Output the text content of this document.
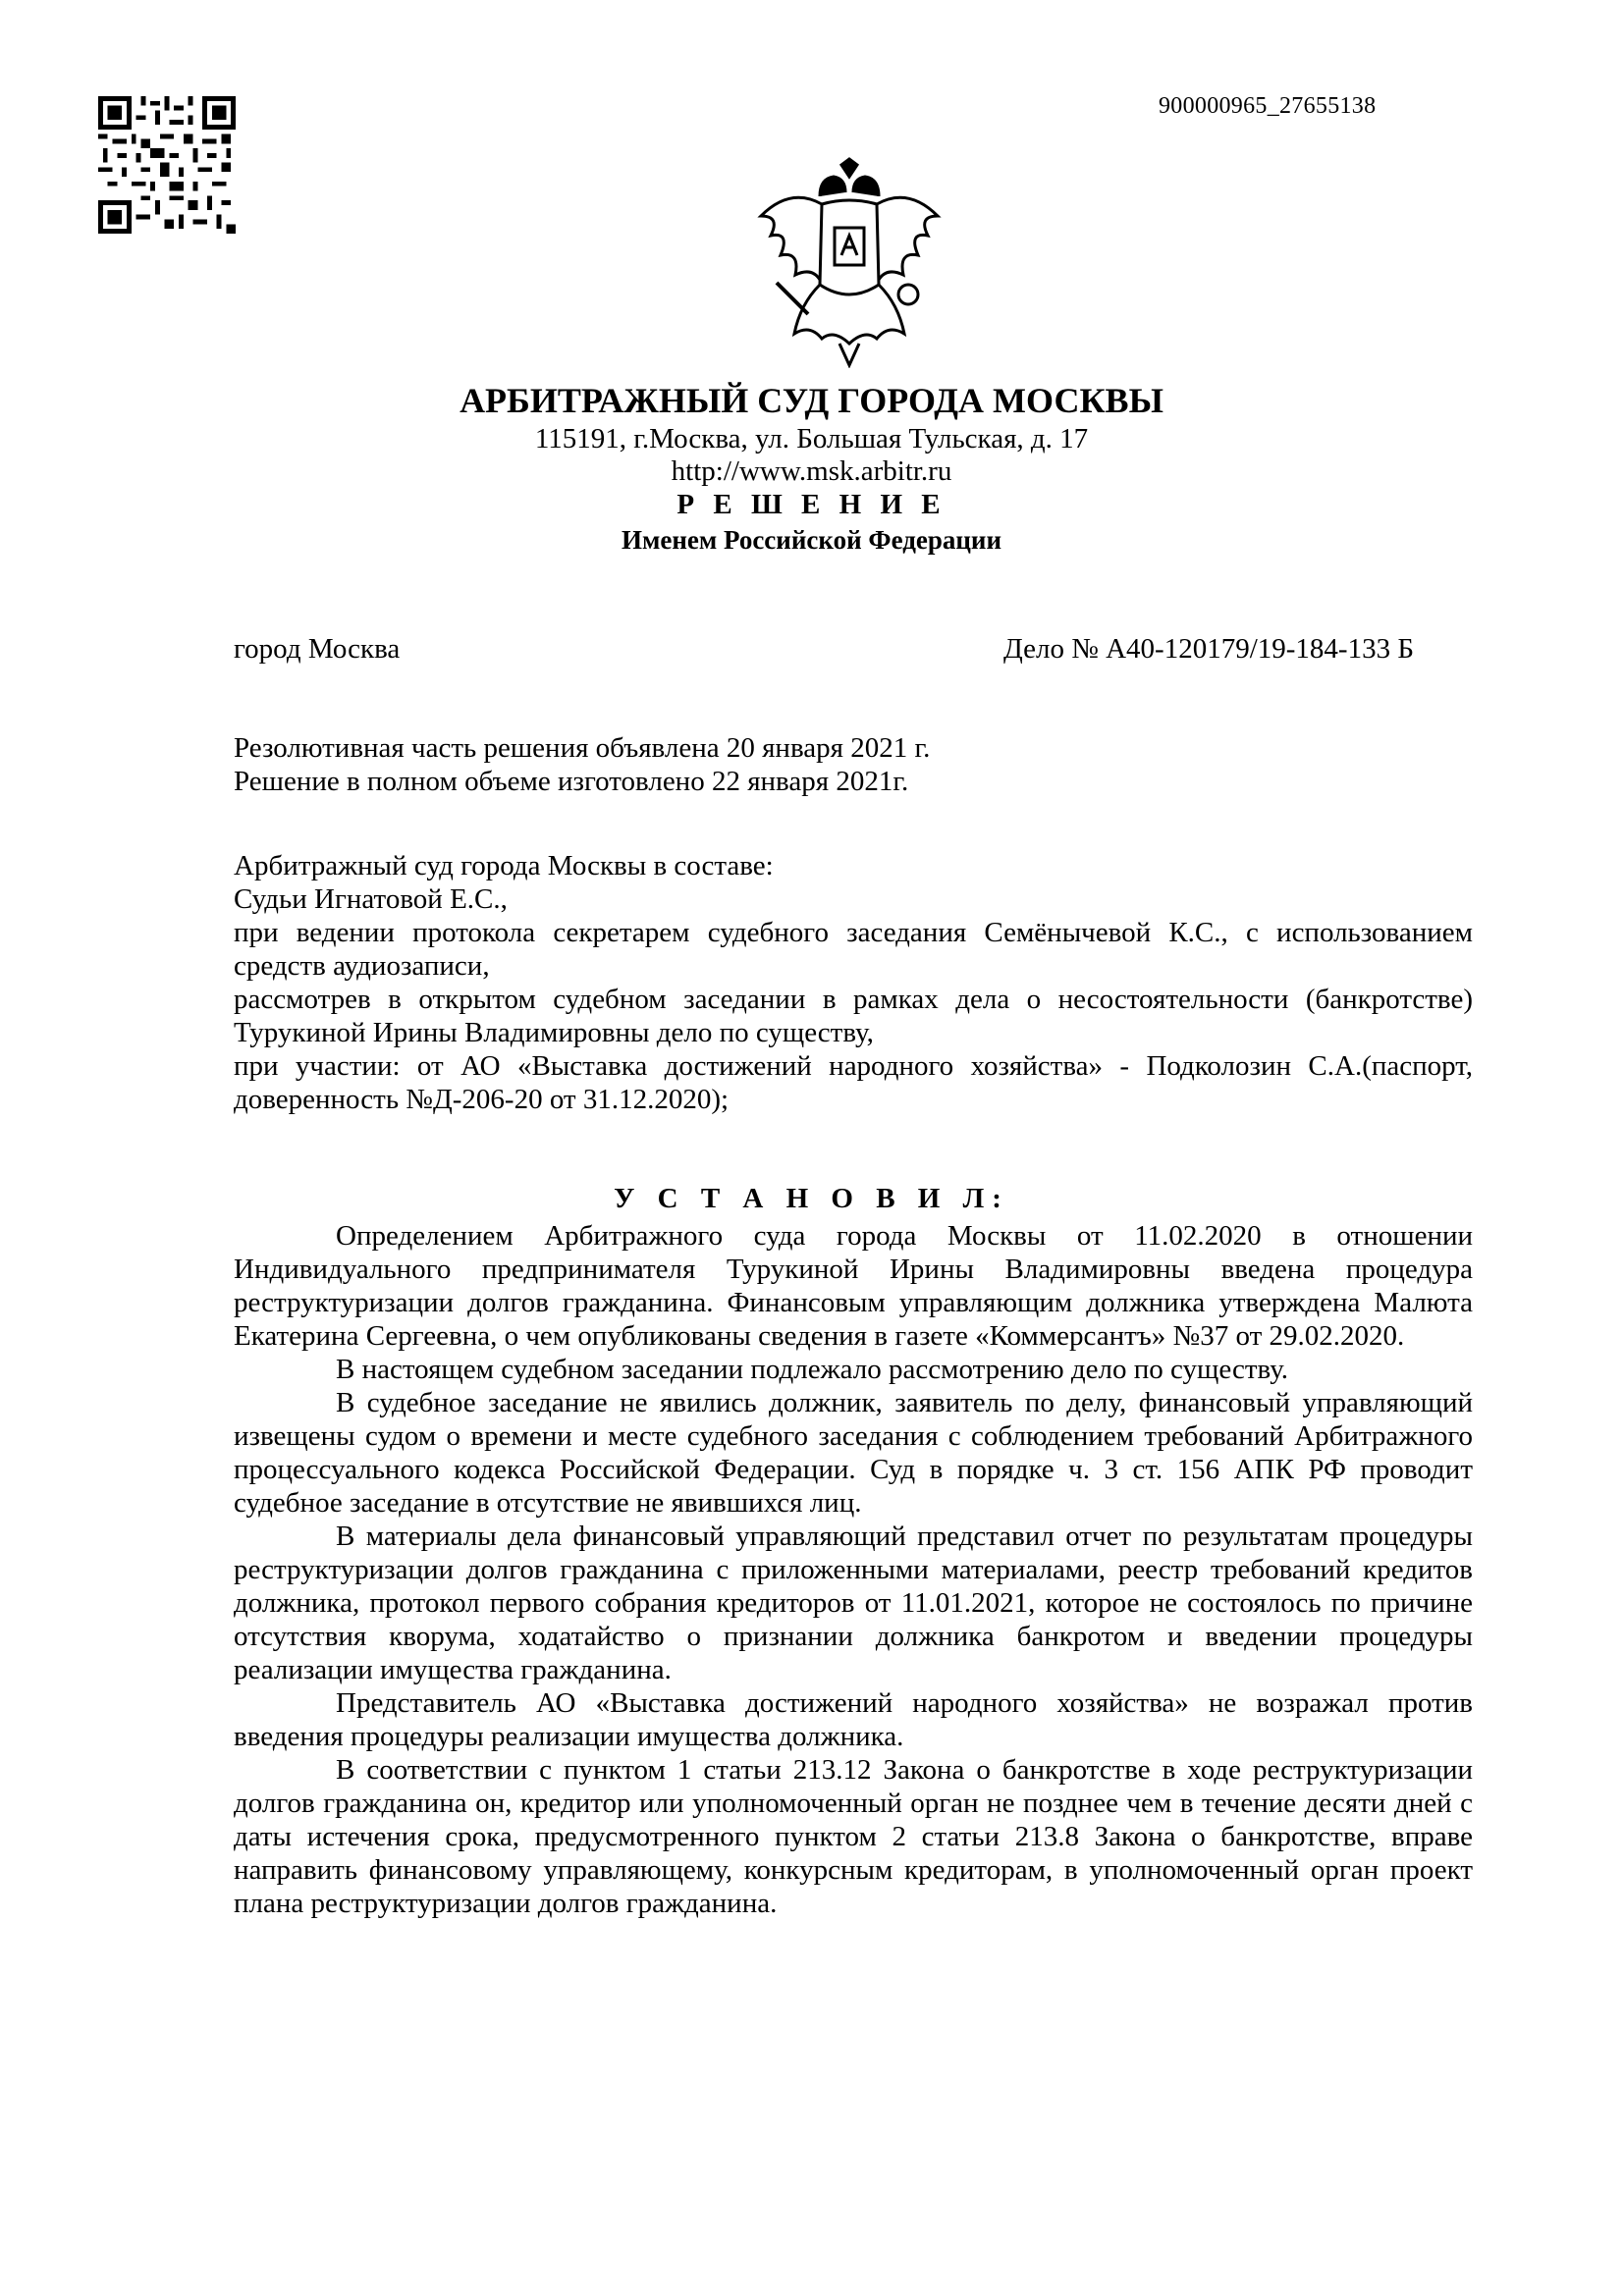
900000965_27655138
АРБИТРАЖНЫЙ СУД ГОРОДА МОСКВЫ
115191, г.Москва, ул. Большая Тульская, д. 17
http://www.msk.arbitr.ru
Р Е Ш Е Н И Е
Именем Российской Федерации
город Москва	Дело № А40-120179/19-184-133 Б

Резолютивная часть решения объявлена 20 января 2021 г.

Решение в полном объеме изготовлено 22 января 2021г.

Арбитражный суд города Москвы в составе:

Судьи Игнатовой Е.С.,

при ведении протокола секретарем судебного заседания Семёнычевой К.С., с использованием средств аудиозаписи,

рассмотрев в открытом судебном заседании в рамках дела о несостоятельности (банкротстве) Турукиной Ирины Владимировны дело по существу,

при участии: от АО «Выставка достижений народного хозяйства» - Подколозин С.А.(паспорт, доверенность №Д-206-20 от 31.12.2020);

У С Т А Н О В И Л:

Определением Арбитражного суда города Москвы от 11.02.2020 в отношении Индивидуального предпринимателя Турукиной Ирины Владимировны введена процедура реструктуризации долгов гражданина. Финансовым управляющим должника утверждена Малюта Екатерина Сергеевна, о чем опубликованы сведения в газете «Коммерсантъ» №37 от 29.02.2020.

В настоящем судебном заседании подлежало рассмотрению дело по существу.

В судебное заседание не явились должник, заявитель по делу, финансовый управляющий извещены судом о времени и месте судебного заседания с соблюдением требований Арбитражного процессуального кодекса Российской Федерации. Суд в порядке ч. 3 ст. 156 АПК РФ проводит судебное заседание в отсутствие не явившихся лиц.

В материалы дела финансовый управляющий представил отчет по результатам процедуры реструктуризации долгов гражданина с приложенными материалами, реестр требований кредитов должника, протокол первого собрания кредиторов от 11.01.2021, которое не состоялось по причине отсутствия кворума, ходатайство о признании должника банкротом и введении процедуры реализации имущества гражданина.

Представитель АО «Выставка достижений народного хозяйства» не возражал против введения процедуры реализации имущества должника.

В соответствии с пунктом 1 статьи 213.12 Закона о банкротстве в ходе реструктуризации долгов гражданина он, кредитор или уполномоченный орган не позднее чем в течение десяти дней с даты истечения срока, предусмотренного пунктом 2 статьи 213.8 Закона о банкротстве, вправе направить финансовому управляющему, конкурсным кредиторам, в уполномоченный орган проект плана реструктуризации долгов гражданина.
